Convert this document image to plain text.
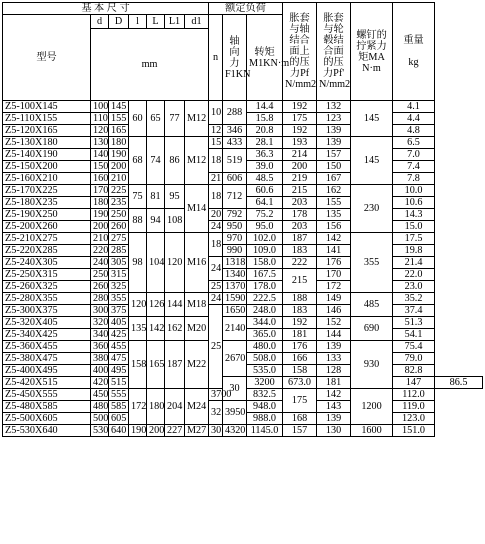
基 本 尺 寸							额定负荷			胀套与轴结合面上的压力Pf N/mm2	胀套与轮毂结合面的压力Pf' N/mm2	螺钉的拧紧力矩MA N·m	重量

kg	
型号	d	D	l	L	L1	d1	n	轴向力F1KN	转矩M1KN·m					
	mm													
Z5-100X145	100	145	60	65	77	M12	10	288	14.4	192	132	145	4.1	
Z5-110X155	110	155							15.8	175	123		4.4	
Z5-120X165	120	165					12	346	20.8	192	139		4.8	
Z5-130X180	130	180	68	74	86	M12	15	433	28.1	193	139	145	6.5	
Z5-140X190	140	190					18	519	36.3	214	157		7.0	
Z5-150X200	150	200							39.0	200	150		7.4	
Z5-160X210	160	210					21	606	48.5	219	167		7.8	
Z5-170X225	170	225	75	81	95	M14	18	712	60.6	215	162	230	10.0	
Z5-180X235	180	235							64.1	203	155		10.6	
Z5-190X250	190	250	88	94	108		20	792	75.2	178	135		14.3	
Z5-200X260	200	260					24	950	95.0	203	156		15.0	
Z5-210X275	210	275	98	104	120	M16	18	970	102.0	187	142	355	17.5	
Z5-220X285	220	285						990	109.0	183	141		19.8	
Z5-240X305	240	305					24	1318	158.0	222	176		21.4	
Z5-250X315	250	315						1340	167.5	215	170		22.0	
Z5-260X325	260	325					25	1370	178.0		172		23.0	
Z5-280X355	280	355	120	126	144	M18	24	1590	222.5	188	149	485	35.2	
Z5-300X375	300	375					25	1650	248.0	183	146		37.4	
Z5-320X405	320	405	135	142	162	M20		2140	344.0	192	152	690	51.3	
Z5-340X425	340	425							365.0	181	144		54.1	
Z5-360X455	360	455	158	165	187	M22		2670	480.0	176	139	930	75.4	
Z5-380X475	380	475							508.0	166	133		79.0	
Z5-400X495	400	495							535.0	158	128		82.8	
Z5-420X515	420	515						30	3200	673.0	181		147	86.5
Z5-450X555	450	555	172	180	204	M24	3700		832.5	175	142	1200	112.0	
Z5-480X585	480	585					32	3950	948.0		143		119.0	
Z5-500X605	500	605							988.0	168	139		123.0	
Z5-530X640	530	640	190	200	227	M27	30	4320	1145.0	157	130	1600	151.0	
